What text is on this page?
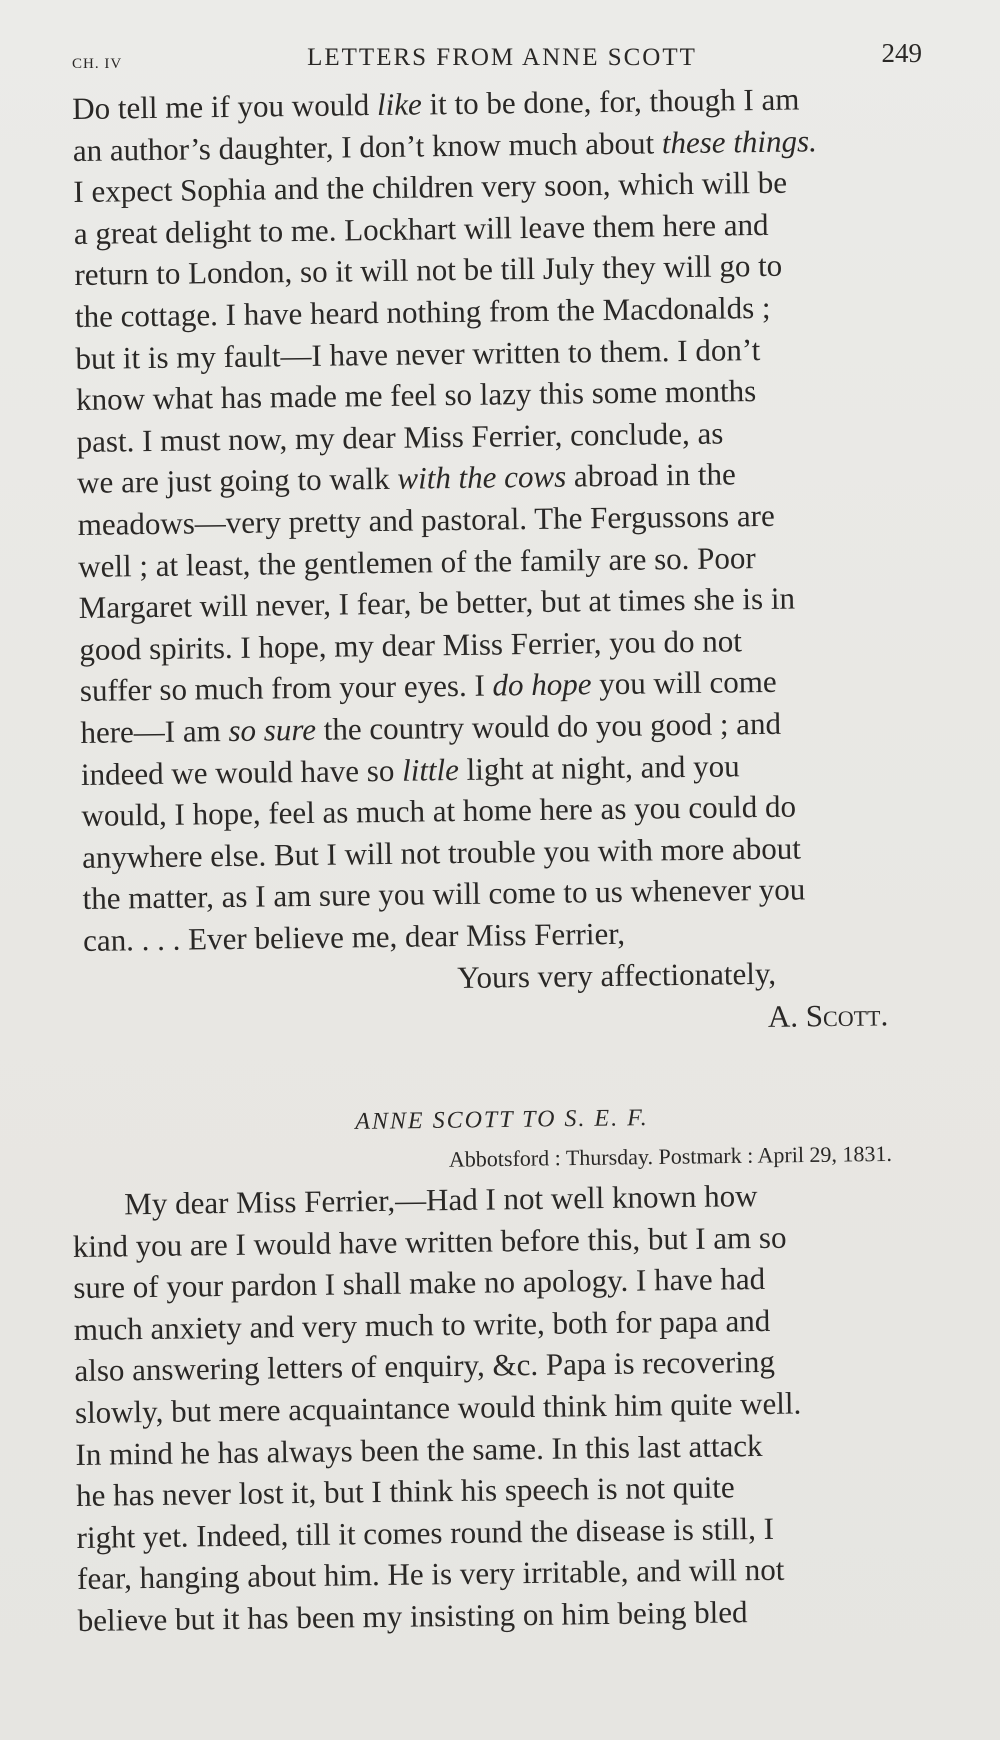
CH. IV	LETTERS FROM ANNE SCOTT	249
Do tell me if you would like it to be done, for, though I am
an author’s daughter, I don’t know much about these things.
I expect Sophia and the children very soon, which will be
a great delight to me. Lockhart will leave them here and
return to London, so it will not be till July they will go to
the cottage. I have heard nothing from the Macdonalds ;
but it is my fault—I have never written to them. I don’t
know what has made me feel so lazy this some months
past. I must now, my dear Miss Ferrier, conclude, as
we are just going to walk with the cows abroad in the
meadows—very pretty and pastoral. The Fergussons are
well ; at least, the gentlemen of the family are so. Poor
Margaret will never, I fear, be better, but at times she is in
good spirits. I hope, my dear Miss Ferrier, you do not
suffer so much from your eyes. I do hope you will come
here—I am so sure the country would do you good ; and
indeed we would have so little light at night, and you
would, I hope, feel as much at home here as you could do
anywhere else. But I will not trouble you with more about
the matter, as I am sure you will come to us whenever you
can. . . . Ever believe me, dear Miss Ferrier,
Yours very affectionately,
A. Scott.
ANNE SCOTT TO S. E. F.
Abbotsford : Thursday. Postmark : April 29, 1831.
My dear Miss Ferrier,—Had I not well known how
kind you are I would have written before this, but I am so
sure of your pardon I shall make no apology. I have had
much anxiety and very much to write, both for papa and
also answering letters of enquiry, &c. Papa is recovering
slowly, but mere acquaintance would think him quite well.
In mind he has always been the same. In this last attack
he has never lost it, but I think his speech is not quite
right yet. Indeed, till it comes round the disease is still, I
fear, hanging about him. He is very irritable, and will not
believe but it has been my insisting on him being bled
